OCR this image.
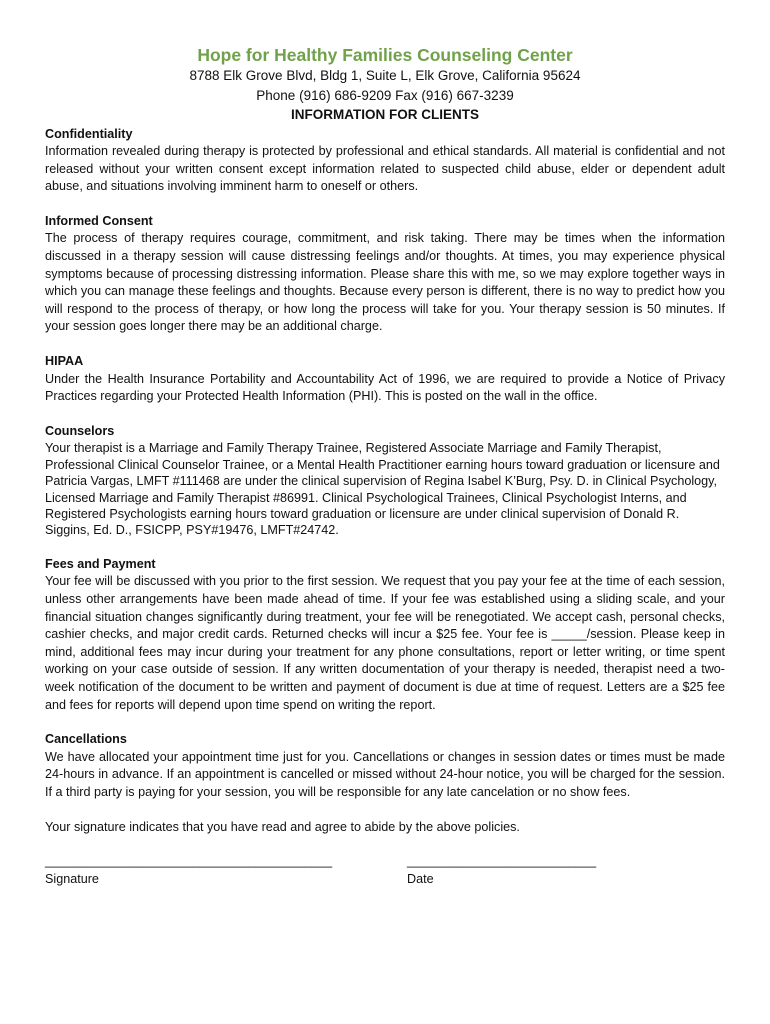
Hope for Healthy Families Counseling Center

8788 Elk Grove Blvd, Bldg 1, Suite L, Elk Grove, California 95624

Phone (916) 686-9209 Fax (916) 667-3239

INFORMATION FOR CLIENTS

Confidentiality

Information revealed during therapy is protected by professional and ethical standards. All material is confidential and not released without your written consent except information related to suspected child abuse, elder or dependent adult abuse, and situations involving imminent harm to oneself or others.

Informed Consent

The process of therapy requires courage, commitment, and risk taking. There may be times when the information discussed in a therapy session will cause distressing feelings and/or thoughts. At times, you may experience physical symptoms because of processing distressing information. Please share this with me, so we may explore together ways in which you can manage these feelings and thoughts. Because every person is different, there is no way to predict how you will respond to the process of therapy, or how long the process will take for you. Your therapy session is 50 minutes. If your session goes longer there may be an additional charge.

HIPAA

Under the Health Insurance Portability and Accountability Act of 1996, we are required to provide a Notice of Privacy Practices regarding your Protected Health Information (PHI). This is posted on the wall in the office.

Counselors

Your therapist is a Marriage and Family Therapy Trainee, Registered Associate Marriage and Family Therapist, Professional Clinical Counselor Trainee, or a Mental Health Practitioner earning hours toward graduation or licensure and Patricia Vargas, LMFT #111468 are under the clinical supervision of Regina Isabel K’Burg, Psy. D. in Clinical Psychology, Licensed Marriage and Family Therapist #86991. Clinical Psychological Trainees, Clinical Psychologist Interns, and Registered Psychologists earning hours toward graduation or licensure are under clinical supervision of Donald R. Siggins, Ed. D., FSICPP, PSY#19476, LMFT#24742.

Fees and Payment

Your fee will be discussed with you prior to the first session. We request that you pay your fee at the time of each session, unless other arrangements have been made ahead of time. If your fee was established using a sliding scale, and your financial situation changes significantly during treatment, your fee will be renegotiated. We accept cash, personal checks, cashier checks, and major credit cards. Returned checks will incur a $25 fee. Your fee is _____/session. Please keep in mind, additional fees may incur during your treatment for any phone consultations, report or letter writing, or time spent working on your case outside of session. If any written documentation of your therapy is needed, therapist need a two-week notification of the document to be written and payment of document is due at time of request. Letters are a $25 fee and fees for reports will depend upon time spend on writing the report.

Cancellations

We have allocated your appointment time just for you. Cancellations or changes in session dates or times must be made 24-hours in advance. If an appointment is cancelled or missed without 24-hour notice, you will be charged for the session. If a third party is paying for your session, you will be responsible for any late cancelation or no show fees.

Your signature indicates that you have read and agree to abide by the above policies.

_________________________________________
Signature
___________________________
Date
